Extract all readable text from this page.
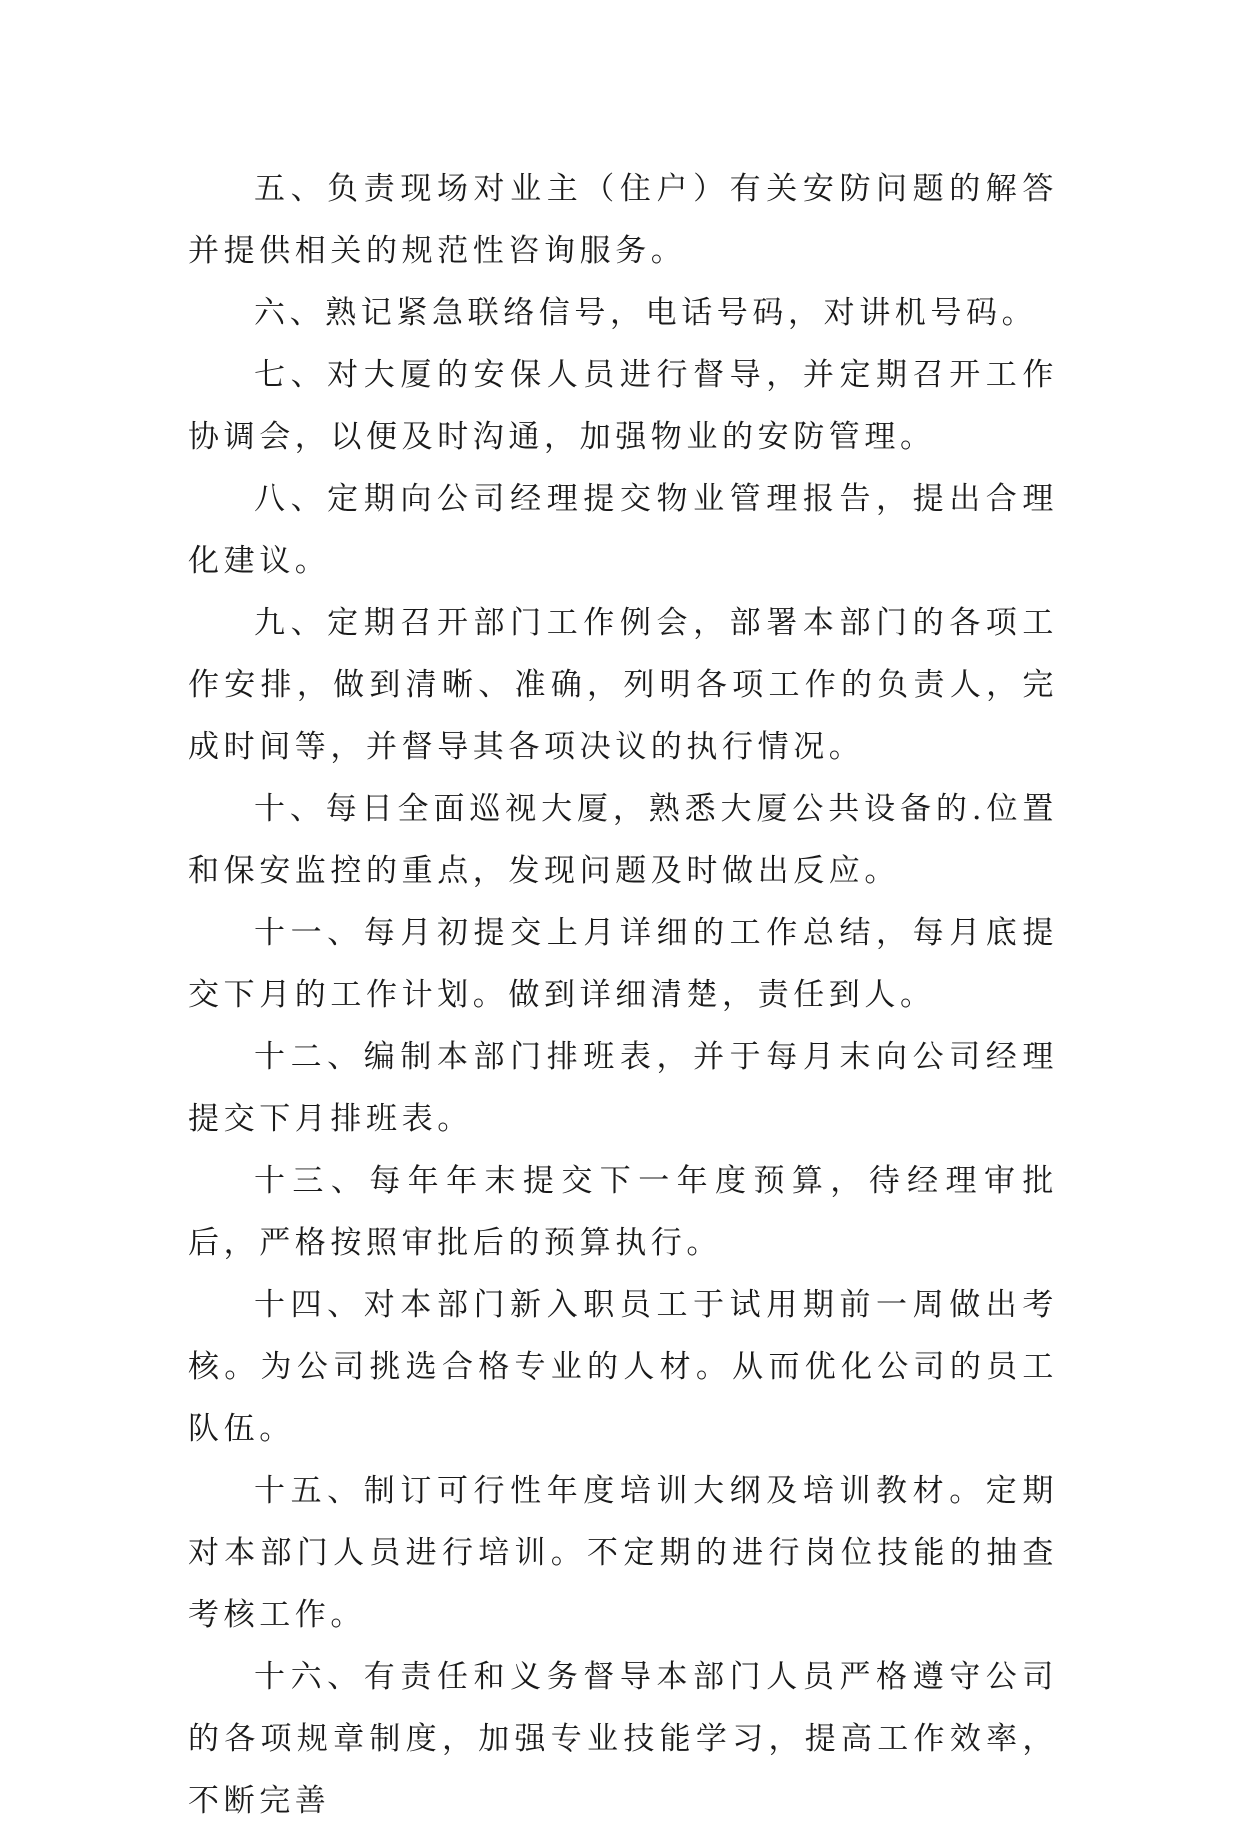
五、负责现场对业主（住户）有关安防问题的解答并提供相关的规范性咨询服务。

六、熟记紧急联络信号，电话号码，对讲机号码。

七、对大厦的安保人员进行督导，并定期召开工作协调会，以便及时沟通，加强物业的安防管理。

八、定期向公司经理提交物业管理报告，提出合理化建议。

九、定期召开部门工作例会，部署本部门的各项工作安排，做到清晰、准确，列明各项工作的负责人，完成时间等，并督导其各项决议的执行情况。

十、每日全面巡视大厦，熟悉大厦公共设备的.位置和保安监控的重点，发现问题及时做出反应。

十一、每月初提交上月详细的工作总结，每月底提交下月的工作计划。做到详细清楚，责任到人。

十二、编制本部门排班表，并于每月末向公司经理提交下月排班表。

十三、每年年末提交下一年度预算，待经理审批后，严格按照审批后的预算执行。

十四、对本部门新入职员工于试用期前一周做出考核。为公司挑选合格专业的人材。从而优化公司的员工队伍。

十五、制订可行性年度培训大纲及培训教材。定期对本部门人员进行培训。不定期的进行岗位技能的抽查考核工作。

十六、有责任和义务督导本部门人员严格遵守公司的各项规章制度，加强专业技能学习，提高工作效率，不断完善
